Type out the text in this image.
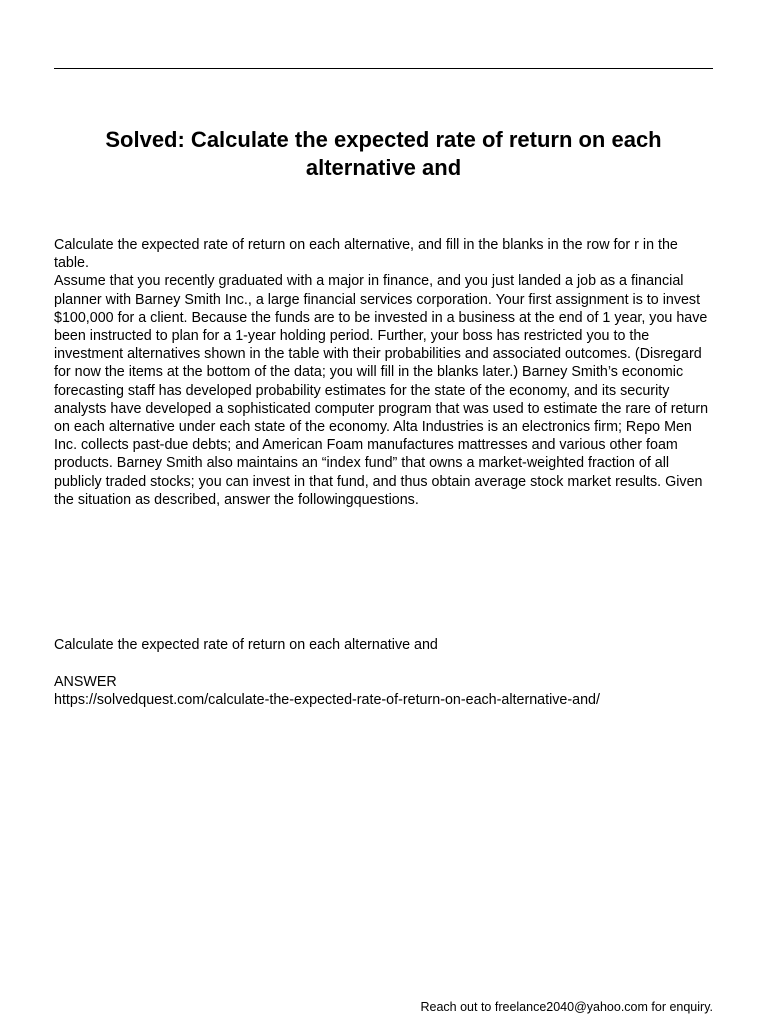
Solved: Calculate the expected rate of return on each alternative and

Calculate the expected rate of return on each alternative, and fill in the blanks in the row for r in the table.

Assume that you recently graduated with a major in finance, and you just landed a job as a financial planner with Barney Smith Inc., a large financial services corporation. Your first assignment is to invest $100,000 for a client. Because the funds are to be invested in a business at the end of 1 year, you have been instructed to plan for a 1-year holding period. Further, your boss has restricted you to the investment alternatives shown in the table with their probabilities and associated outcomes. (Disregard for now the items at the bottom of the data; you will fill in the blanks later.) Barney Smith’s economic forecasting staff has developed probability estimates for the state of the economy, and its security analysts have developed a sophisticated computer program that was used to estimate the rare of return on each alternative under each state of the economy. Alta Industries is an electronics firm; Repo Men Inc. collects past-due debts; and American Foam manufactures mattresses and various other foam products. Barney Smith also maintains an “index fund” that owns a market-weighted fraction of all publicly traded stocks; you can invest in that fund, and thus obtain average stock market results. Given the situation as described, answer the followingquestions.

Calculate the expected rate of return on each alternative and

ANSWER
https://solvedquest.com/calculate-the-expected-rate-of-return-on-each-alternative-and/

Reach out to freelance2040@yahoo.com for enquiry.
